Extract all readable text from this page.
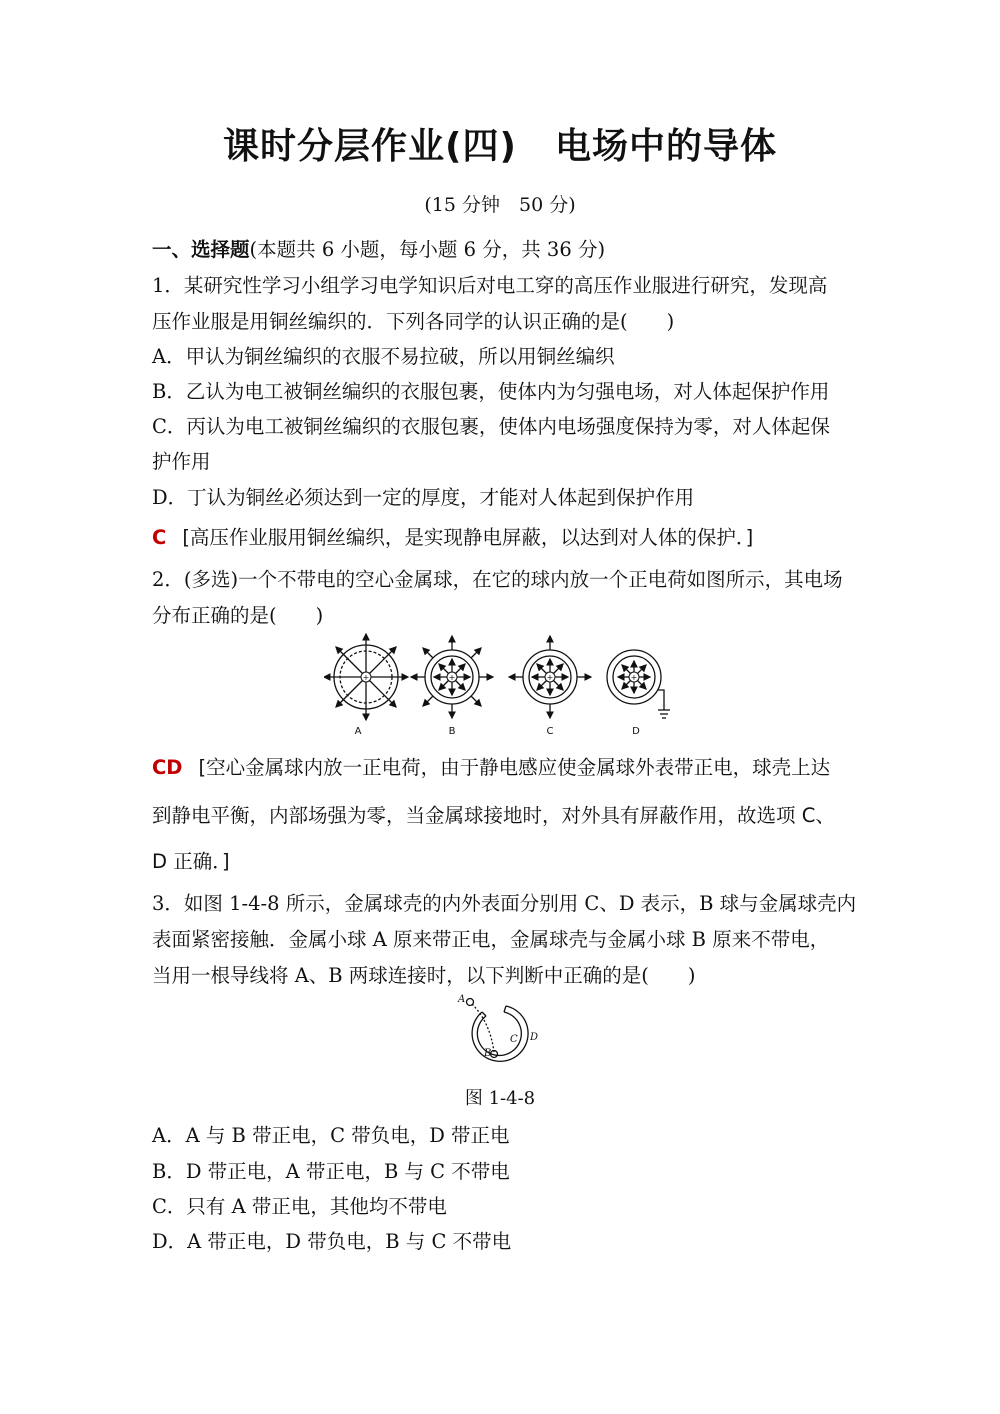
课时分层作业(四) 电场中的导体
(15 分钟　50 分)
一、选择题(本题共 6 小题，每小题 6 分，共 36 分)
1．某研究性学习小组学习电学知识后对电工穿的高压作业服进行研究，发现高
压作业服是用铜丝编织的．下列各同学的认识正确的是(　　)
A．甲认为铜丝编织的衣服不易拉破，所以用铜丝编织
B．乙认为电工被铜丝编织的衣服包裹，使体内为匀强电场，对人体起保护作用
C．丙认为电工被铜丝编织的衣服包裹，使体内电场强度保持为零，对人体起保
护作用
D．丁认为铜丝必须达到一定的厚度，才能对人体起到保护作用
C [高压作业服用铜丝编织，是实现静电屏蔽，以达到对人体的保护．]
2．(多选)一个不带电的空心金属球，在它的球内放一个正电荷如图所示，其电场
分布正确的是(　　)
+	+	+	+
A	B	C	D
CD [空心金属球内放一正电荷，由于静电感应使金属球外表带正电，球壳上达
到静电平衡，内部场强为零，当金属球接地时，对外具有屏蔽作用，故选项 C、
D 正确．]
3．如图 1-4-8 所示，金属球壳的内外表面分别用 C、D 表示，B 球与金属球壳内
表面紧密接触．金属小球 A 原来带正电，金属球壳与金属小球 B 原来不带电，
当用一根导线将 A、B 两球连接时，以下判断中正确的是(　　)
A
B
C D
图 1-4-8
A．A 与 B 带正电，C 带负电，D 带正电
B．D 带正电，A 带正电，B 与 C 不带电
C．只有 A 带正电，其他均不带电
D．A 带正电，D 带负电，B 与 C 不带电
